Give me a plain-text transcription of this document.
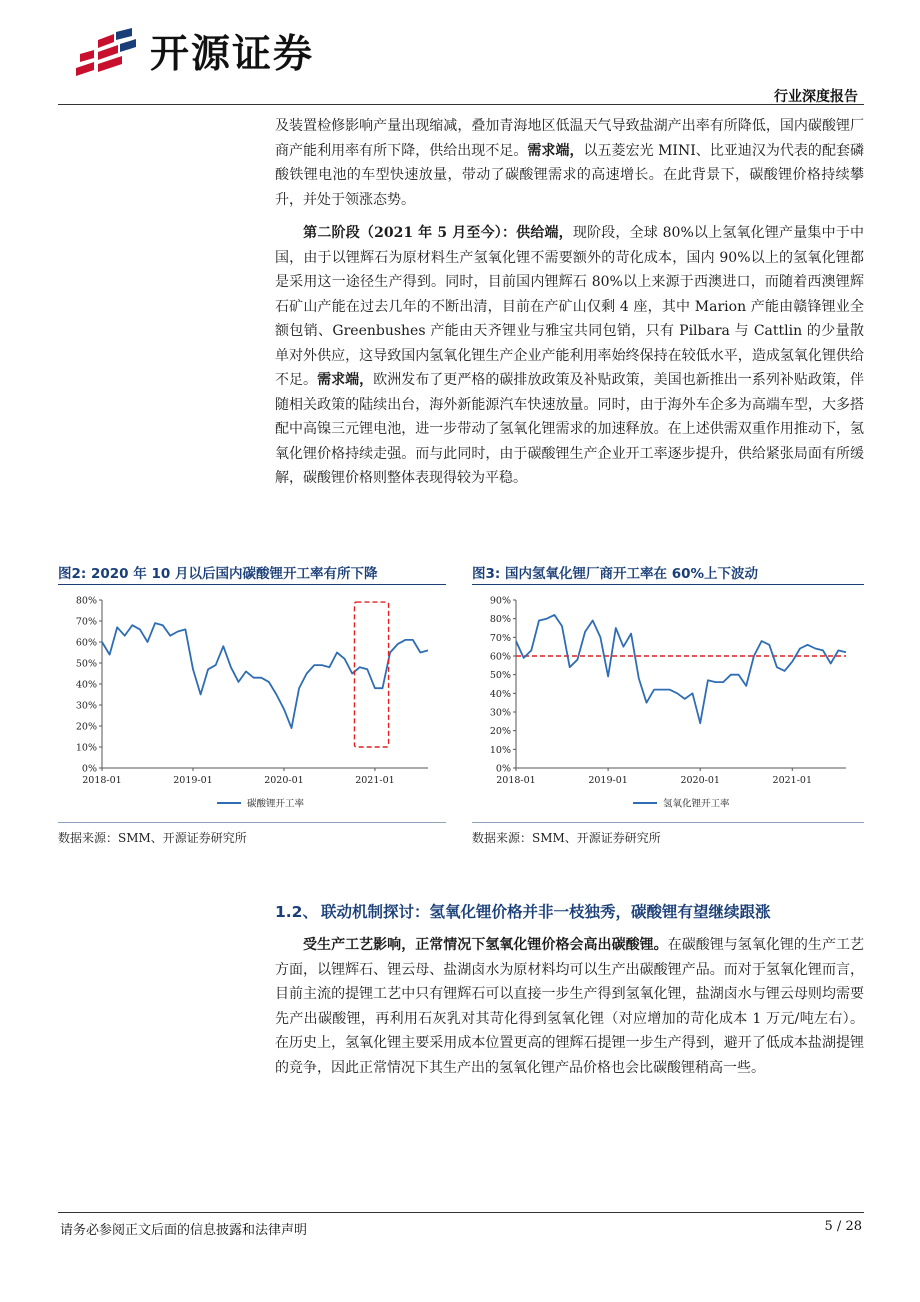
开源证券
行业深度报告
及装置检修影响产量出现缩减，叠加青海地区低温天气导致盐湖产出率有所降低，国内碳酸锂厂商产能利用率有所下降，供给出现不足。需求端，以五菱宏光 MINI、比亚迪汉为代表的配套磷酸铁锂电池的车型快速放量，带动了碳酸锂需求的高速增长。在此背景下，碳酸锂价格持续攀升，并处于领涨态势。
第二阶段（2021 年 5 月至今）：供给端，现阶段，全球 80%以上氢氧化锂产量集中于中国，由于以锂辉石为原材料生产氢氧化锂不需要额外的苛化成本，国内 90%以上的氢氧化锂都是采用这一途径生产得到。同时，目前国内锂辉石 80%以上来源于西澳进口，而随着西澳锂辉石矿山产能在过去几年的不断出清，目前在产矿山仅剩 4 座，其中 Marion 产能由赣锋锂业全额包销、Greenbushes 产能由天齐锂业与雅宝共同包销，只有 Pilbara 与 Cattlin 的少量散单对外供应，这导致国内氢氧化锂生产企业产能利用率始终保持在较低水平，造成氢氧化锂供给不足。需求端，欧洲发布了更严格的碳排放政策及补贴政策，美国也新推出一系列补贴政策，伴随相关政策的陆续出台，海外新能源汽车快速放量。同时，由于海外车企多为高端车型，大多搭配中高镍三元锂电池，进一步带动了氢氧化锂需求的加速释放。在上述供需双重作用推动下，氢氧化锂价格持续走强。而与此同时，由于碳酸锂生产企业开工率逐步提升，供给紧张局面有所缓解，碳酸锂价格则整体表现得较为平稳。
图2: 2020 年 10 月以后国内碳酸锂开工率有所下降
0%
10%
20%
30%
40%
50%
60%
70%
80%
2018-01	2019-01	2020-01	2021-01
碳酸锂开工率
数据来源：SMM、开源证券研究所
图3: 国内氢氧化锂厂商开工率在 60%上下波动
0%
10%
20%
30%
40%
50%
60%
70%
80%
90%
2018-01	2019-01	2020-01	2021-01
氢氧化锂开工率
数据来源：SMM、开源证券研究所
1.2、 联动机制探讨：氢氧化锂价格并非一枝独秀，碳酸锂有望继续跟涨
受生产工艺影响，正常情况下氢氧化锂价格会高出碳酸锂。在碳酸锂与氢氧化锂的生产工艺方面，以锂辉石、锂云母、盐湖卤水为原材料均可以生产出碳酸锂产品。而对于氢氧化锂而言，目前主流的提锂工艺中只有锂辉石可以直接一步生产得到氢氧化锂，盐湖卤水与锂云母则均需要先产出碳酸锂，再利用石灰乳对其苛化得到氢氧化锂（对应增加的苛化成本 1 万元/吨左右）。在历史上，氢氧化锂主要采用成本位置更高的锂辉石提锂一步生产得到，避开了低成本盐湖提锂的竞争，因此正常情况下其生产出的氢氧化锂产品价格也会比碳酸锂稍高一些。
请务必参阅正文后面的信息披露和法律声明	5 / 28
